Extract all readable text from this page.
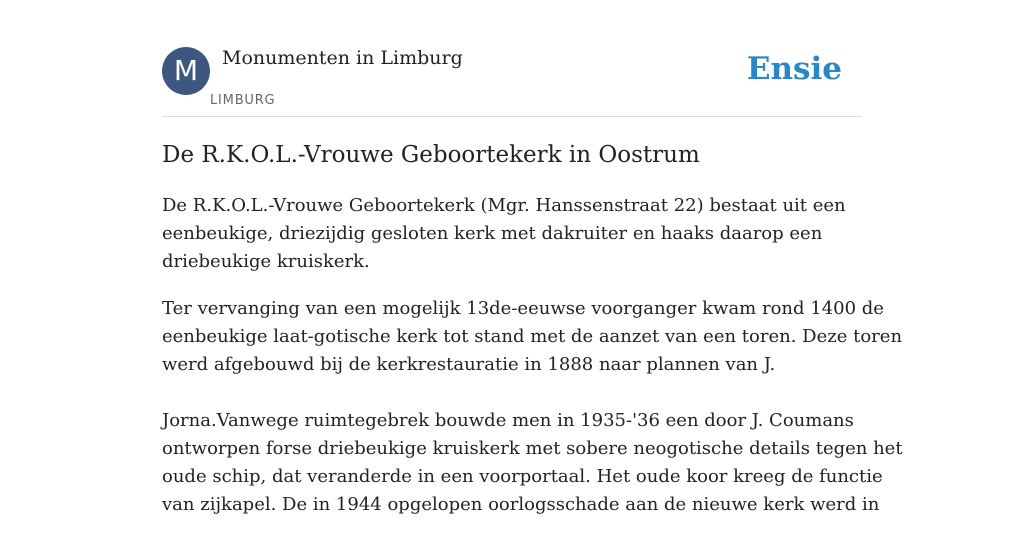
M	Monumenten in Limburg
LIMBURG
Ensie
De R.K.O.L.-Vrouwe Geboortekerk in Oostrum

De R.K.O.L.-Vrouwe Geboortekerk (Mgr. Hanssenstraat 22) bestaat uit een
eenbeukige, driezijdig gesloten kerk met dakruiter en haaks daarop een
driebeukige kruiskerk.

Ter vervanging van een mogelijk 13de-eeuwse voorganger kwam rond 1400 de
eenbeukige laat-gotische kerk tot stand met de aanzet van een toren. Deze toren
werd afgebouwd bij de kerkrestauratie in 1888 naar plannen van J.

Jorna.Vanwege ruimtegebrek bouwde men in 1935-'36 een door J. Coumans
ontworpen forse driebeukige kruiskerk met sobere neogotische details tegen het
oude schip, dat veranderde in een voorportaal. Het oude koor kreeg de functie
van zijkapel. De in 1944 opgelopen oorlogsschade aan de nieuwe kerk werd in
